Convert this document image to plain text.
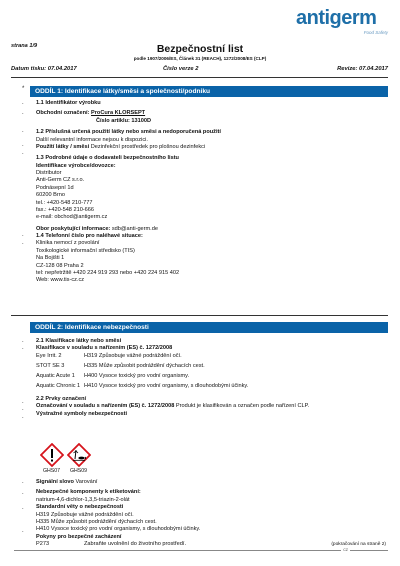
antigerm
Food Safety
strana 1/9	Bezpečnostní list
podle 1907/2006/ES, Článek 31 (REACH), 1272/2008/ES (CLP)
Datum tisku: 07.04.2017	Číslo verze 2	Revize: 07.04.2017
*	ODDÍL 1: Identifikace látky/směsi a společnosti/podniku
1.1 Identifikátor výrobku
Obchodní označení: ProCura KLORSEPT
Číslo artiklu: 13100D
1.2 Příslušná určená použití látky nebo směsi a nedoporučená použití
Další relevantní informace nejsou k dispozici.
Použití látky / směsi Dezinfekční prostředek pro plošnou dezinfekci
1.3 Podrobné údaje o dodavateli bezpečnostního listu
Identifikace výrobce/dovozce:
Distributor
Anti-Germ CZ s.r.o.
Podnásepní 1d
60200 Brno
tel.: +420-548 210-777
fax.: +420-548 210-666
e-mail: obchod@antigerm.cz
Obor poskytující informace: sdb@anti-germ.de
1.4 Telefonní číslo pro naléhavé situace:
Klinika nemocí z povolání
Toxikologické informační středisko (TIS)
Na Bojišti 1
CZ-128 08 Praha 2
tel: nepřetržitě +420 224 919 293 nebo +420 224 915 402
Web: www.tis-cz.cz
ODDÍL 2: Identifikace nebezpečnosti
2.1 Klasifikace látky nebo směsi
Klasifikace v souladu s nařízením (ES) č. 1272/2008
Eye Irrit. 2	H319 Způsobuje vážné podráždění očí.
STOT SE 3	H335 Může způsobit podráždění dýchacích cest.
Aquatic Acute 1 H400 Vysoce toxický pro vodní organismy.
Aquatic Chronic 1 H410 Vysoce toxický pro vodní organismy, s dlouhodobými účinky.
2.2 Prvky označení
Označování v souladu s nařízením (ES) č. 1272/2008 Produkt je klasifikován a označen podle nařízení CLP.
Výstražné symboly nebezpečnosti
GHS07 GHS09
Signální slovo Varování
Nebezpečné komponenty k etiketování:
natrium-4,6-dichlor-1,3,5-triazin-2-olát
Standardní věty o nebezpečnosti
H319 Způsobuje vážné podráždění očí.
H335 Může způsobit podráždění dýchacích cest.
H410 Vysoce toxický pro vodní organismy, s dlouhodobými účinky.
Pokyny pro bezpečné zacházení
P273	Zabraňte uvolnění do životního prostředí.
.
.
.
.
.
.
.
.
.
.
.
.
.
.
.
.
(pokračování na straně 2)
CZ
